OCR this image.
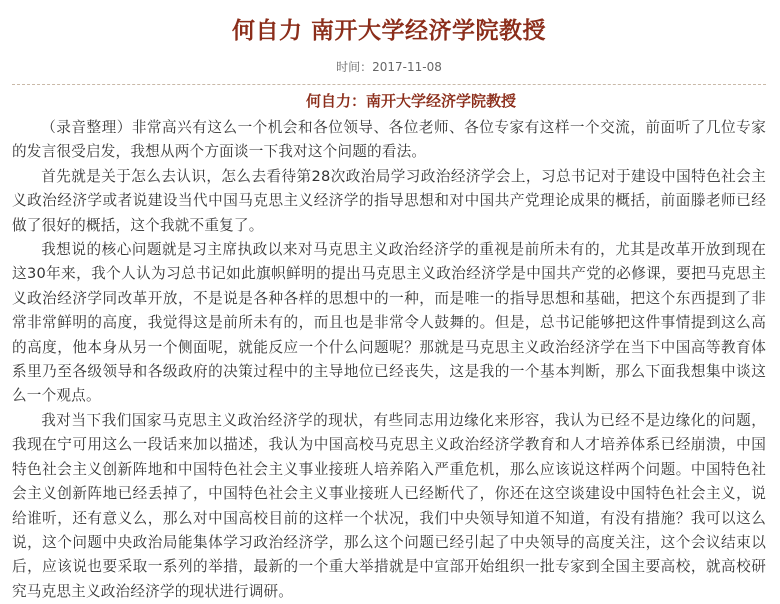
何自力 南开大学经济学院教授
时间：2017-11-08
何自力：南开大学经济学院教授

（录音整理）非常高兴有这么一个机会和各位领导、各位老师、各位专家有这样一个交流，前面听了几位专家的发言很受启发，我想从两个方面谈一下我对这个问题的看法。

首先就是关于怎么去认识，怎么去看待第28次政治局学习政治经济学会上，习总书记对于建设中国特色社会主义政治经济学或者说建设当代中国马克思主义经济学的指导思想和对中国共产党理论成果的概括，前面滕老师已经做了很好的概括，这个我就不重复了。

我想说的核心问题就是习主席执政以来对马克思主义政治经济学的重视是前所未有的，尤其是改革开放到现在这30年来，我个人认为习总书记如此旗帜鲜明的提出马克思主义政治经济学是中国共产党的必修课，要把马克思主义政治经济学同改革开放，不是说是各种各样的思想中的一种，而是唯一的指导思想和基础，把这个东西提到了非常非常鲜明的高度，我觉得这是前所未有的，而且也是非常令人鼓舞的。但是，总书记能够把这件事情提到这么高的高度，他本身从另一个侧面呢，就能反应一个什么问题呢？那就是马克思主义政治经济学在当下中国高等教育体系里乃至各级领导和各级政府的决策过程中的主导地位已经丧失，这是我的一个基本判断，那么下面我想集中谈这么一个观点。

我对当下我们国家马克思主义政治经济学的现状，有些同志用边缘化来形容，我认为已经不是边缘化的问题，我现在宁可用这么一段话来加以描述，我认为中国高校马克思主义政治经济学教育和人才培养体系已经崩溃，中国特色社会主义创新阵地和中国特色社会主义事业接班人培养陷入严重危机，那么应该说这样两个问题。中国特色社会主义创新阵地已经丢掉了，中国特色社会主义事业接班人已经断代了，你还在这空谈建设中国特色社会主义，说给谁听，还有意义么，那么对中国高校目前的这样一个状况，我们中央领导知道不知道，有没有措施？我可以这么说，这个问题中央政治局能集体学习政治经济学，那么这个问题已经引起了中央领导的高度关注，这个会议结束以后，应该说也要采取一系列的举措，最新的一个重大举措就是中宣部开始组织一批专家到全国主要高校，就高校研究马克思主义政治经济学的现状进行调研。
